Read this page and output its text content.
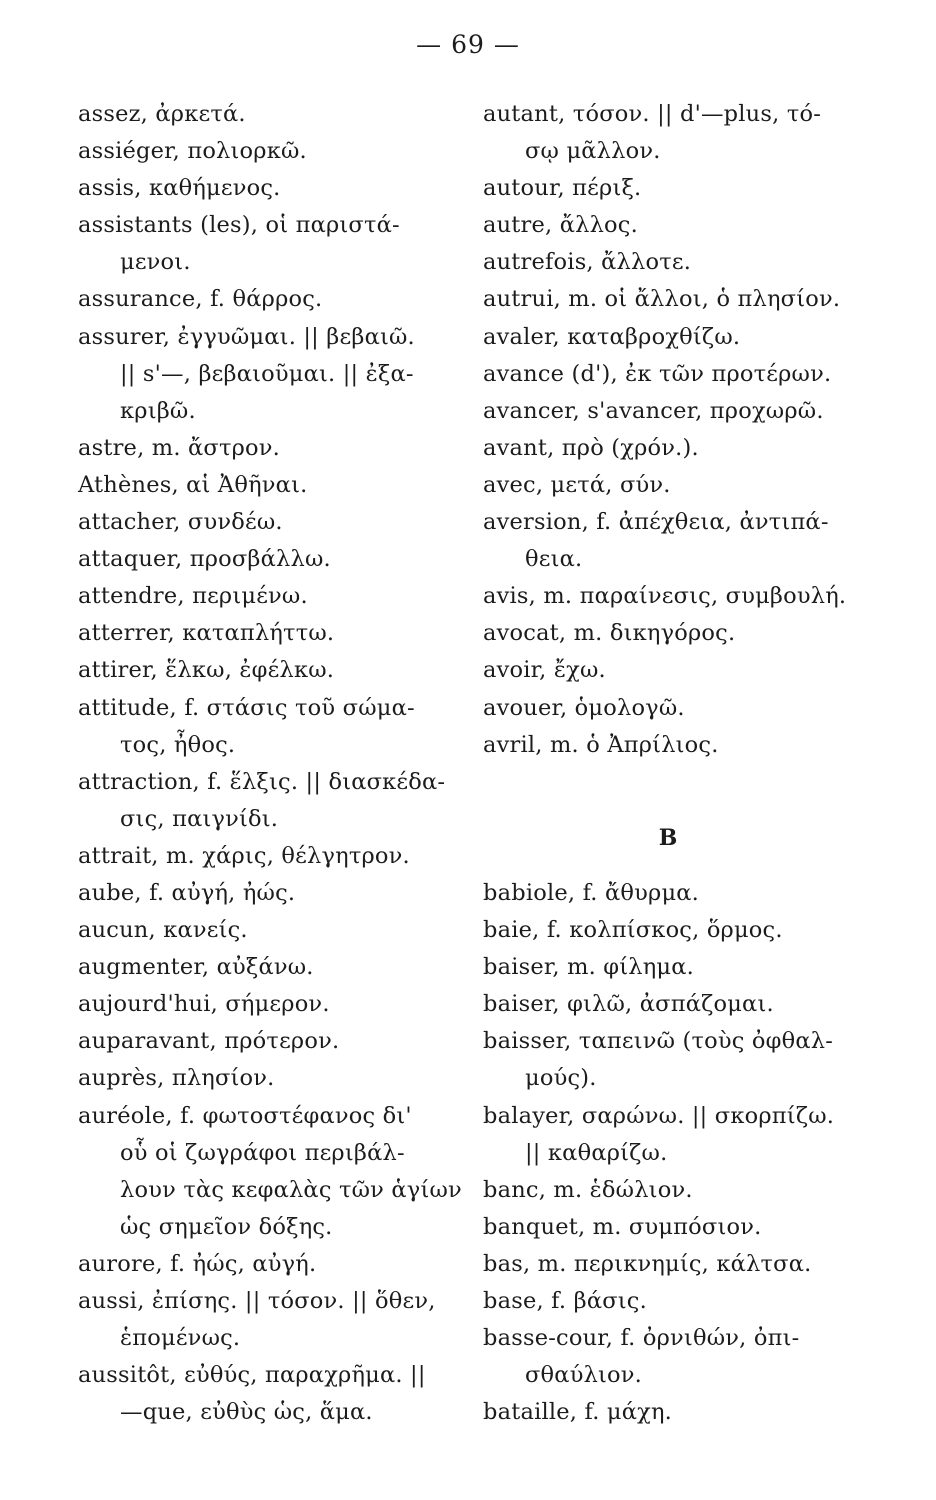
— 69 —
assez, ἀρκετά.
assiéger, πολιορκῶ.
assis, καθήμενος.
assistants (les), οἱ παριστά-
μενοι.
assurance, f. θάρρος.
assurer, ἐγγυῶμαι. || βεβαιῶ.
|| s'—, βεβαιοῦμαι. || ἐξα-
κριβῶ.
astre, m. ἄστρον.
Athènes, αἱ Ἀθῆναι.
attacher, συνδέω.
attaquer, προσβάλλω.
attendre, περιμένω.
atterrer, καταπλήττω.
attirer, ἕλκω, ἐφέλκω.
attitude, f. στάσις τοῦ σώμα-
τος, ἦθος.
attraction, f. ἕλξις. || διασκέδα-
σις, παιγνίδι.
attrait, m. χάρις, θέλγητρον.
aube, f. αὐγή, ἠώς.
aucun, κανείς.
augmenter, αὐξάνω.
aujourd'hui, σήμερον.
auparavant, πρότερον.
auprès, πλησίον.
auréole, f. φωτοστέφανος δι'
οὗ οἱ ζωγράφοι περιβάλ-
λουν τὰς κεφαλὰς τῶν ἁγίων
ὡς σημεῖον δόξης.
aurore, f. ἠώς, αὐγή.
aussi, ἐπίσης. || τόσον. || ὅθεν,
ἑπομένως.
aussitôt, εὐθύς, παραχρῆμα. ||
—que, εὐθὺς ὡς, ἅμα.
autant, τόσον. || d'—plus, τό-
σῳ μᾶλλον.
autour, πέριξ.
autre, ἄλλος.
autrefois, ἄλλοτε.
autrui, m. οἱ ἄλλοι, ὁ πλησίον.
avaler, καταβροχθίζω.
avance (d'), ἐκ τῶν προτέρων.
avancer, s'avancer, προχωρῶ.
avant, πρὸ (χρόν.).
avec, μετά, σύν.
aversion, f. ἀπέχθεια, ἀντιπά-
θεια.
avis, m. παραίνεσις, συμβουλή.
avocat, m. δικηγόρος.
avoir, ἔχω.
avouer, ὁμολογῶ.
avril, m. ὁ Ἀπρίλιος.
B
babiole, f. ἄθυρμα.
baie, f. κολπίσκος, ὅρμος.
baiser, m. φίλημα.
baiser, φιλῶ, ἀσπάζομαι.
baisser, ταπεινῶ (τοὺς ὀφθαλ-
μούς).
balayer, σαρώνω. || σκορπίζω.
|| καθαρίζω.
banc, m. ἑδώλιον.
banquet, m. συμπόσιον.
bas, m. περικνημίς, κάλτσα.
base, f. βάσις.
basse-cour, f. ὀρνιθών, ὀπι-
σθαύλιον.
bataille, f. μάχη.
